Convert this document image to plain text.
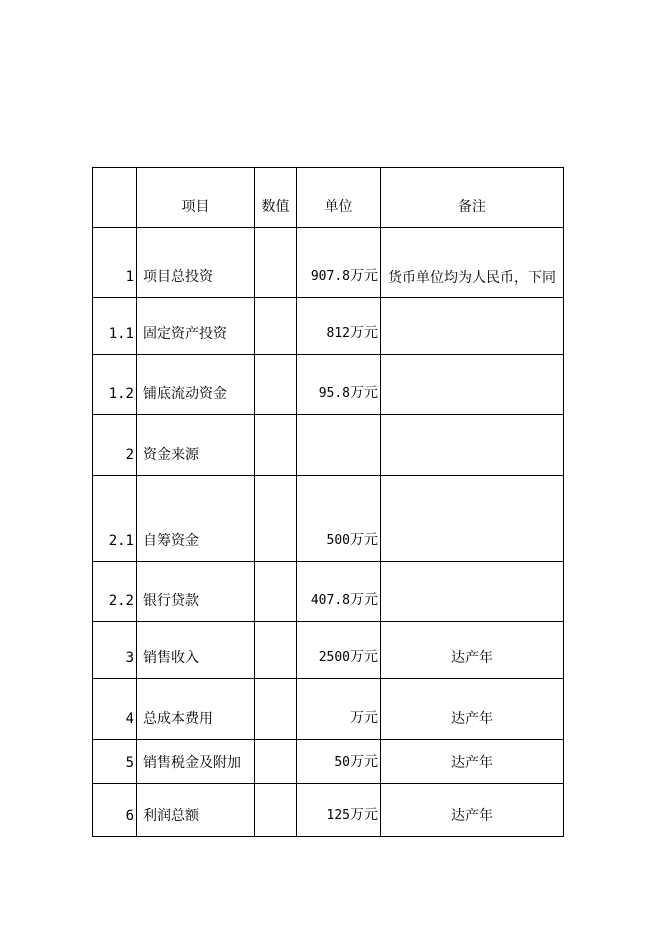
	项目	数值	单位	备注
1	项目总投资		907.8万元	货币单位均为人民币，下同
1.1	固定资产投资		812万元	
1.2	铺底流动资金		95.8万元	
2	资金来源			
2.1	自筹资金		500万元	
2.2	银行贷款		407.8万元	
3	销售收入		2500万元	达产年
4	总成本费用		万元	达产年
5	销售税金及附加		50万元	达产年
6	利润总额		125万元	达产年
